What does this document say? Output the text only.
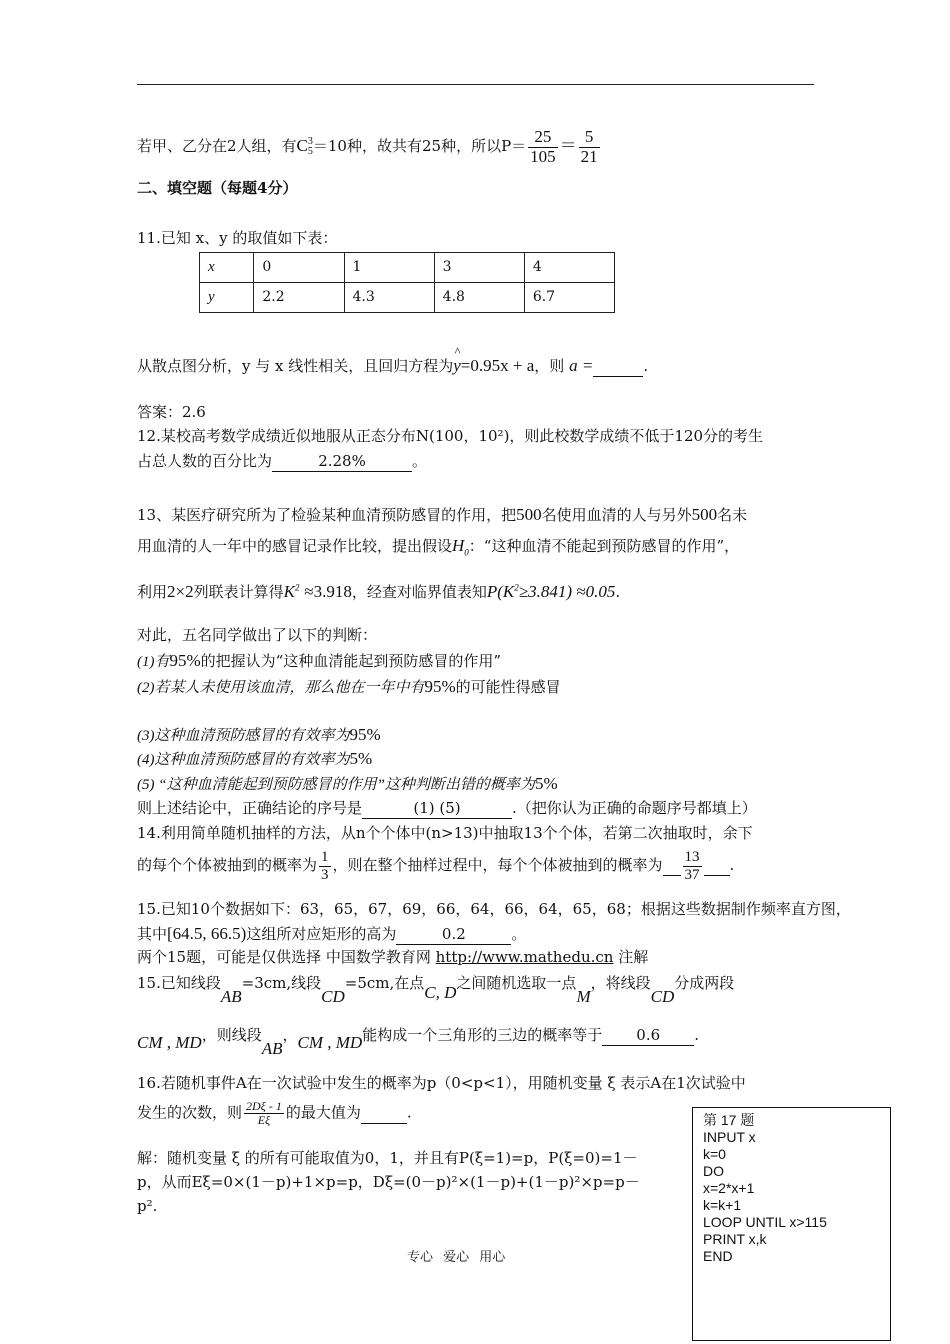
若甲、乙分在2人组，有C 3
5 ＝10种，故共有25种，所以$P= \frac{25}{105} = \frac{5}{21}$
二、填空题（每题4分）
11.已知 x、y 的取值如下表：
x	0	1	3	4
y	2.2	4.3	4.8	6.7
从散点图分析，y 与 x 线性相关，且回归方程为
^
y=0.95x + a，则 a =	.
答案：2.6
12.某校高考数学成绩近似地服从正态分布N(100，10²)，则此校数学成绩不低于120分的考生
占总人数的百分比为	2.28%	。
13、某医疗研究所为了检验某种血清预防感冒的作用，把500名使用血清的人与另外500名未
用血清的人一年中的感冒记录作比较，提出假设$H_0$：“这种血清不能起到预防感冒的作用”，
利用2×2列联表计算得$K^2 \approx 3.918$，经查对临界值表知$P(K^2\ge 3.841) \approx 0.05$.
对此，五名同学做出了以下的判断：
(1)有95%的把握认为“这种血清能起到预防感冒的作用”
(2)若某人未使用该血清，那么他在一年中有95%的可能性得感冒
(3)这种血清预防感冒的有效率为95%
(4)这种血清预防感冒的有效率为5%
(5) “这种血清能起到预防感冒的作用”这种判断出错的概率为5%
则上述结论中，正确结论的序号是	(1) (5)	.（把你认为正确的命题序号都填上）
14.利用简单随机抽样的方法，从n个个体中(n>13)中抽取13个个体，若第二次抽取时，余下
的每个个体被抽到的概率为 $\frac{1}{3}$ ，则在整个抽样过程中，每个个体被抽到的概率为 $\frac{13}{37}$ .
15.已知10个数据如下：63，65，67，69，66，64，66，64，65，68；根据这些数据制作频率直方图，
其中[64.5, 66.5)这组所对应矩形的高为	0.2	。
两个15题，可能是仅供选择 中国数学教育网 http://www.mathedu.cn 注解
15.已知线段AB=3cm,线段CD=5cm,在点C, D之间随机选取一点M，将线段CD分成两段
CM , MD，则线段AB，CM , MD能构成一个三角形的三边的概率等于 0.6 .
16.若随机事件A在一次试验中发生的概率为p（0<p<1），用随机变量 ξ 表示A在1次试验中
发生的次数，则 $\frac{2D\xi - 1}{E\xi}$ 的最大值为	.
解：随机变量 ξ 的所有可能取值为0，1，并且有P(ξ=1)=p，P(ξ=0)=1－
p，从而Eξ=0×(1－p)+1×p=p，Dξ=(0－p)²×(1－p)+(1－p)²×p=p－
p².
第 17 题
INPUT x
k=0
DO
x=2*x+1
k=k+1
LOOP UNTIL x>115
PRINT x,k
END
专心 爱心 用心
